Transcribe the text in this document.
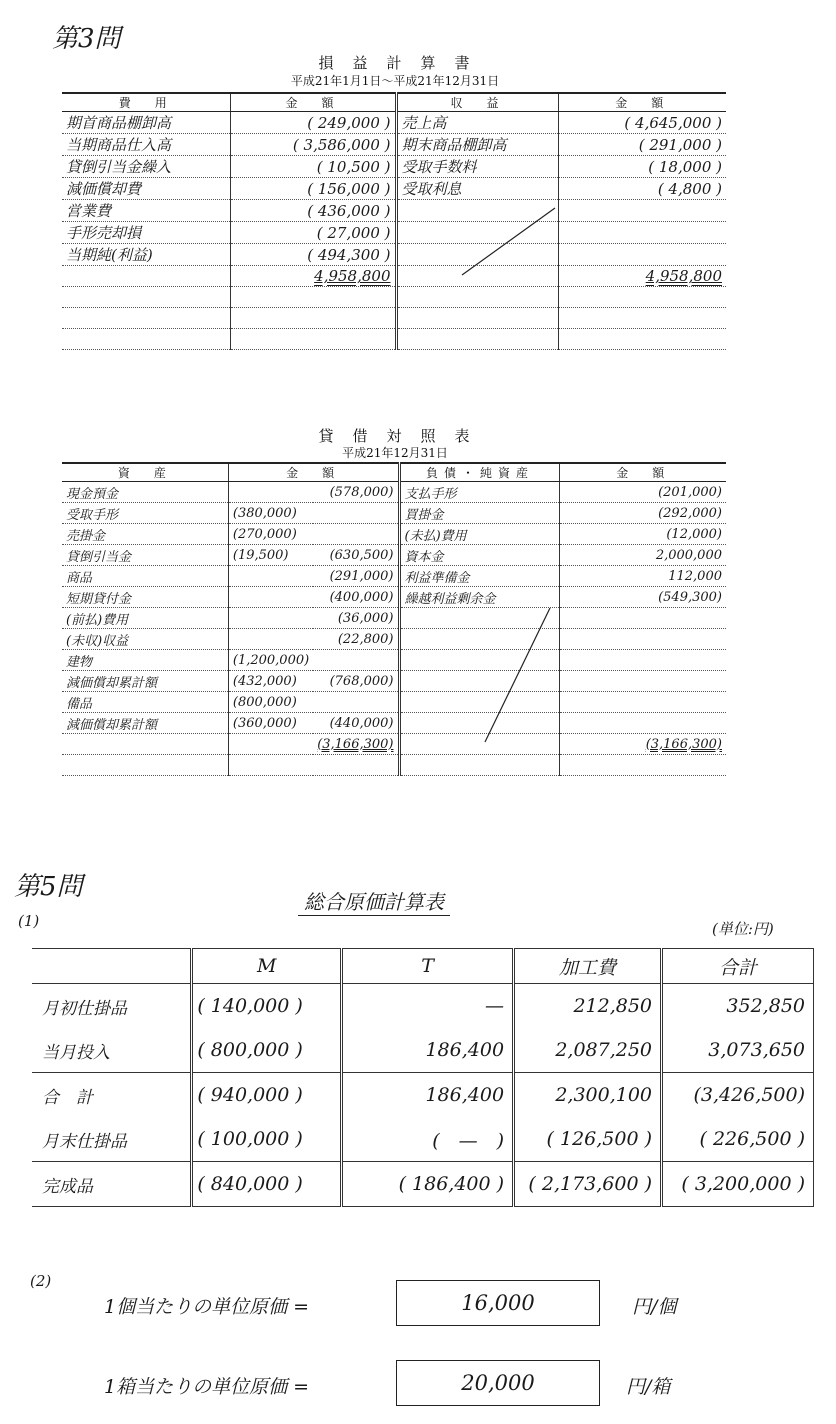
第3問
損　益　計　算　書
平成21年1月1日～平成21年12月31日
費　用	金　額	収　益	金　額
期首商品棚卸高	( 249,000 )	売上高	( 4,645,000 )
当期商品仕入高	( 3,586,000 )	期末商品棚卸高	( 291,000 )
貸倒引当金繰入	( 10,500 )	受取手数料	( 18,000 )
減価償却費	( 156,000 )	受取利息	( 4,800 )
営業費	( 436,000 )		
手形売却損	( 27,000 )		
当期純(利益)	( 494,300 )		
	4,958,800		4,958,800

貸　借　対　照　表
平成21年12月31日
資　産	金　額		負債・純資産	金　額
現金預金		(578,000)	支払手形	(201,000)
受取手形	(380,000)		買掛金	(292,000)
売掛金	(270,000)		(未払)費用	(12,000)
貸倒引当金	(19,500)	(630,500)	資本金	2,000,000
商品		(291,000)	利益準備金	112,000
短期貸付金		(400,000)	繰越利益剰余金	(549,300)
(前払)費用		(36,000)		
(未収)収益		(22,800)		
建物	(1,200,000)			
減価償却累計額	(432,000)	(768,000)		
備品	(800,000)			
減価償却累計額	(360,000)	(440,000)		
		(3,166,300)		(3,166,300)

第5問
(1)
総合原価計算表
(単位:円)
	M	T	加工費	合計
月初仕掛品	( 140,000 )	—	212,850	352,850
当月投入	( 800,000 )	186,400	2,087,250	3,073,650
合　計	( 940,000 )	186,400	2,300,100	(3,426,500)
月末仕掛品	( 100,000 )	(　—　)	( 126,500 )	( 226,500 )
完成品	( 840,000 )	( 186,400 )	( 2,173,600 )	( 3,200,000 )
(2)
1個当たりの単位原価 =	16,000	円/個
1箱当たりの単位原価 =	20,000	円/箱
